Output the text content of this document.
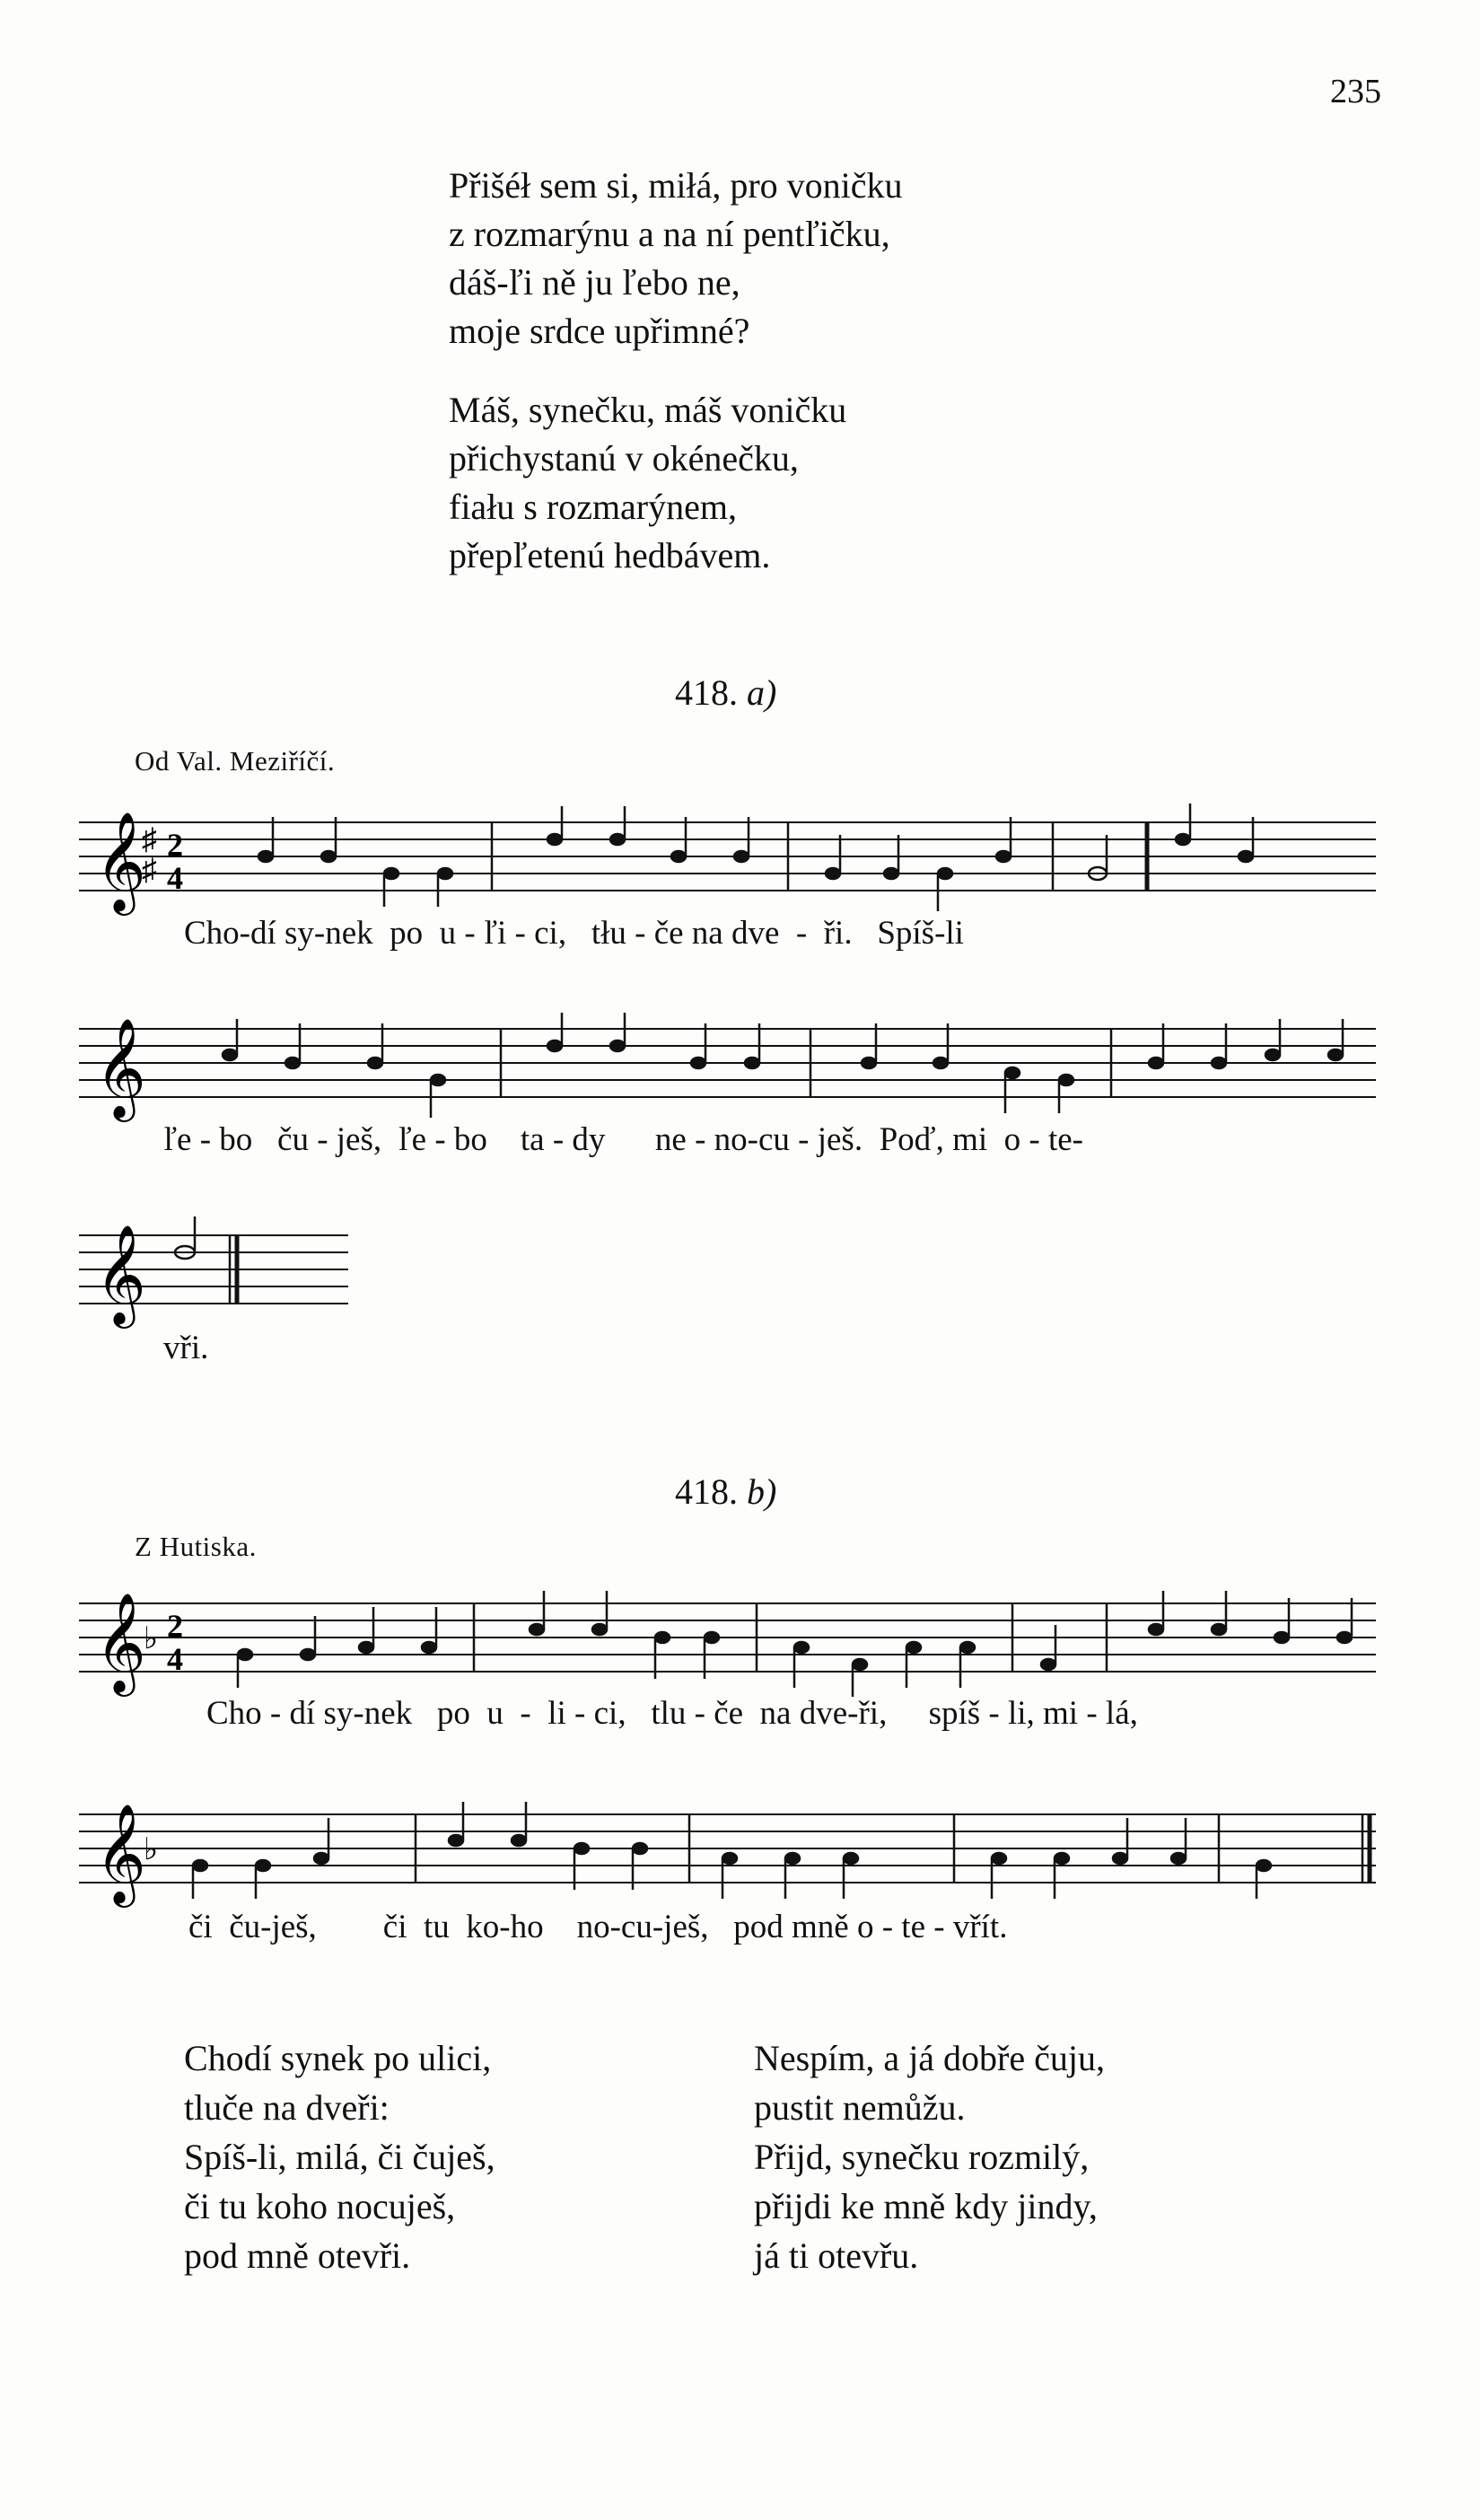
235
Přišéł sem si, miłá, pro voničku
z rozmarýnu a na ní pentľičku,
dáš-ľi ně ju ľebo ne,
moje srdce upřimné?
Máš, synečku, máš voničku
přichystanú v okénečku,
fiału s rozmarýnem,
přepľetenú hedbávem.
418. a)
Od Val. Meziříčí.
𝄞
♯
♯
2
4
Cho-dí sy-nek  po  u - ľi - ci,   tłu - če na dve  -  ři.   Spíš-li
𝄞
ľe - bo   ču - ješ,  ľe - bo    ta - dy      ne - no-cu - ješ.  Poď, mi  o - te-
𝄞
vři.
418. b)
Z Hutiska.
𝄞
♭ 2
4
Cho - dí sy-nek   po  u  -  li - ci,   tlu - če  na dve-ři,     spíš - li, mi - lá,
𝄞
♭
či  ču-ješ,        či  tu  ko-ho    no-cu-ješ,   pod mně o - te - vřít.
Chodí synek po ulici,
tluče na dveři:
Spíš-li, milá, či čuješ,
či tu koho nocuješ,
pod mně otevři.
Nespím, a já dobře čuju,
pustit nemůžu.
Přijd, synečku rozmilý,
přijdi ke mně kdy jindy,
já ti otevřu.
